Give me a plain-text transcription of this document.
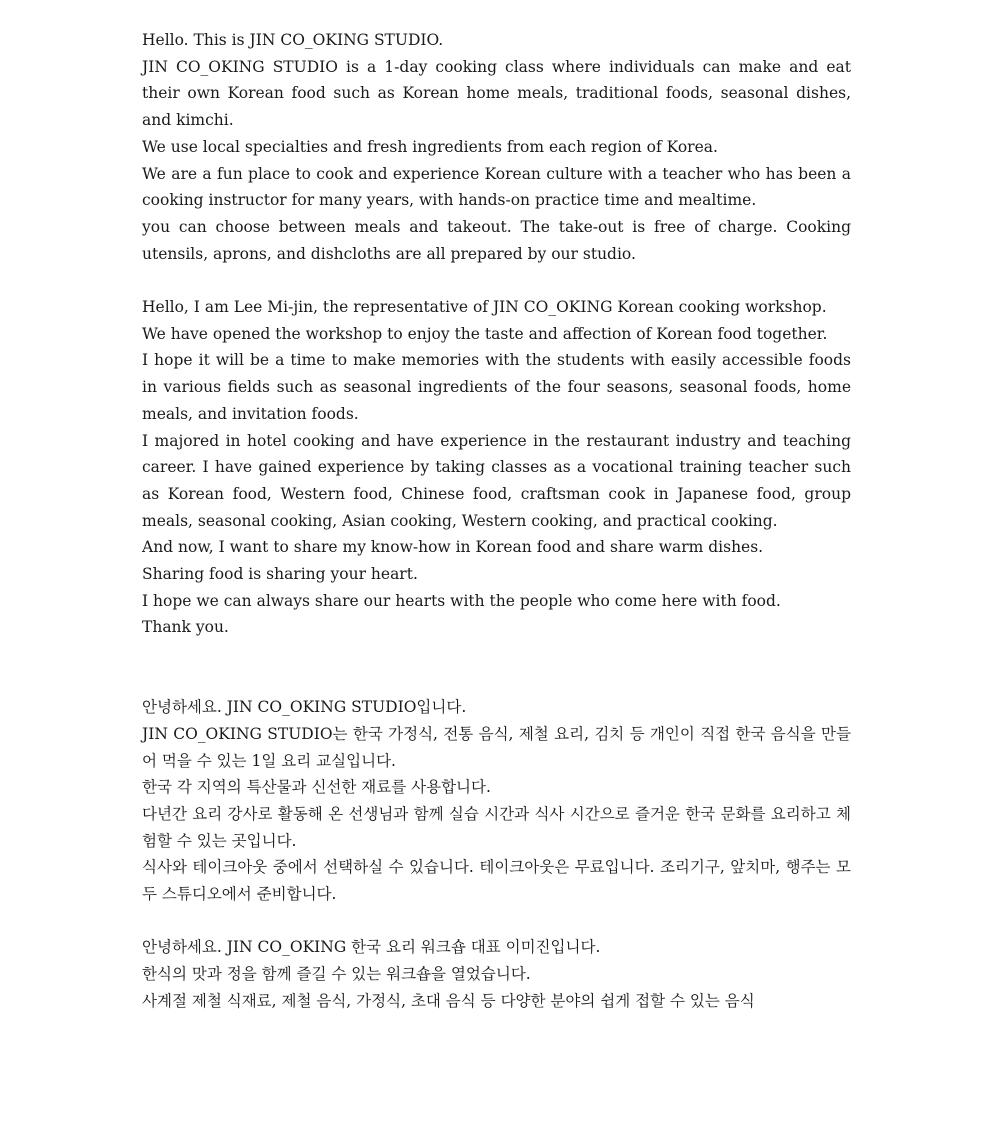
Hello. This is JIN CO_OKING STUDIO.

JIN CO_OKING STUDIO is a 1-day cooking class where individuals can make and eat their own Korean food such as Korean home meals, traditional foods, seasonal dishes, and kimchi.

We use local specialties and fresh ingredients from each region of Korea.

We are a fun place to cook and experience Korean culture with a teacher who has been a cooking instructor for many years, with hands-on practice time and mealtime.

you can choose between meals and takeout. The take-out is free of charge. Cooking utensils, aprons, and dishcloths are all prepared by our studio.

Hello, I am Lee Mi-jin, the representative of JIN CO_OKING Korean cooking workshop.

We have opened the workshop to enjoy the taste and affection of Korean food together.

I hope it will be a time to make memories with the students with easily accessible foods in various fields such as seasonal ingredients of the four seasons, seasonal foods, home meals, and invitation foods.

I majored in hotel cooking and have experience in the restaurant industry and teaching career. I have gained experience by taking classes as a vocational training teacher such as Korean food, Western food, Chinese food, craftsman cook in Japanese food, group meals, seasonal cooking, Asian cooking, Western cooking, and practical cooking.

And now, I want to share my know-how in Korean food and share warm dishes.

Sharing food is sharing your heart.

I hope we can always share our hearts with the people who come here with food.

Thank you.

안녕하세요. JIN CO_OKING STUDIO입니다.

JIN CO_OKING STUDIO는 한국 가정식, 전통 음식, 제철 요리, 김치 등 개인이 직접 한국 음식을 만들어 먹을 수 있는 1일 요리 교실입니다.

한국 각 지역의 특산물과 신선한 재료를 사용합니다.

다년간 요리 강사로 활동해 온 선생님과 함께 실습 시간과 식사 시간으로 즐거운 한국 문화를 요리하고 체험할 수 있는 곳입니다.

식사와 테이크아웃 중에서 선택하실 수 있습니다. 테이크아웃은 무료입니다. 조리기구, 앞치마, 행주는 모두 스튜디오에서 준비합니다.

안녕하세요. JIN CO_OKING 한국 요리 워크숍 대표 이미진입니다.

한식의 맛과 정을 함께 즐길 수 있는 워크숍을 열었습니다.

사계절 제철 식재료, 제철 음식, 가정식, 초대 음식 등 다양한 분야의 쉽게 접할 수 있는 음식
